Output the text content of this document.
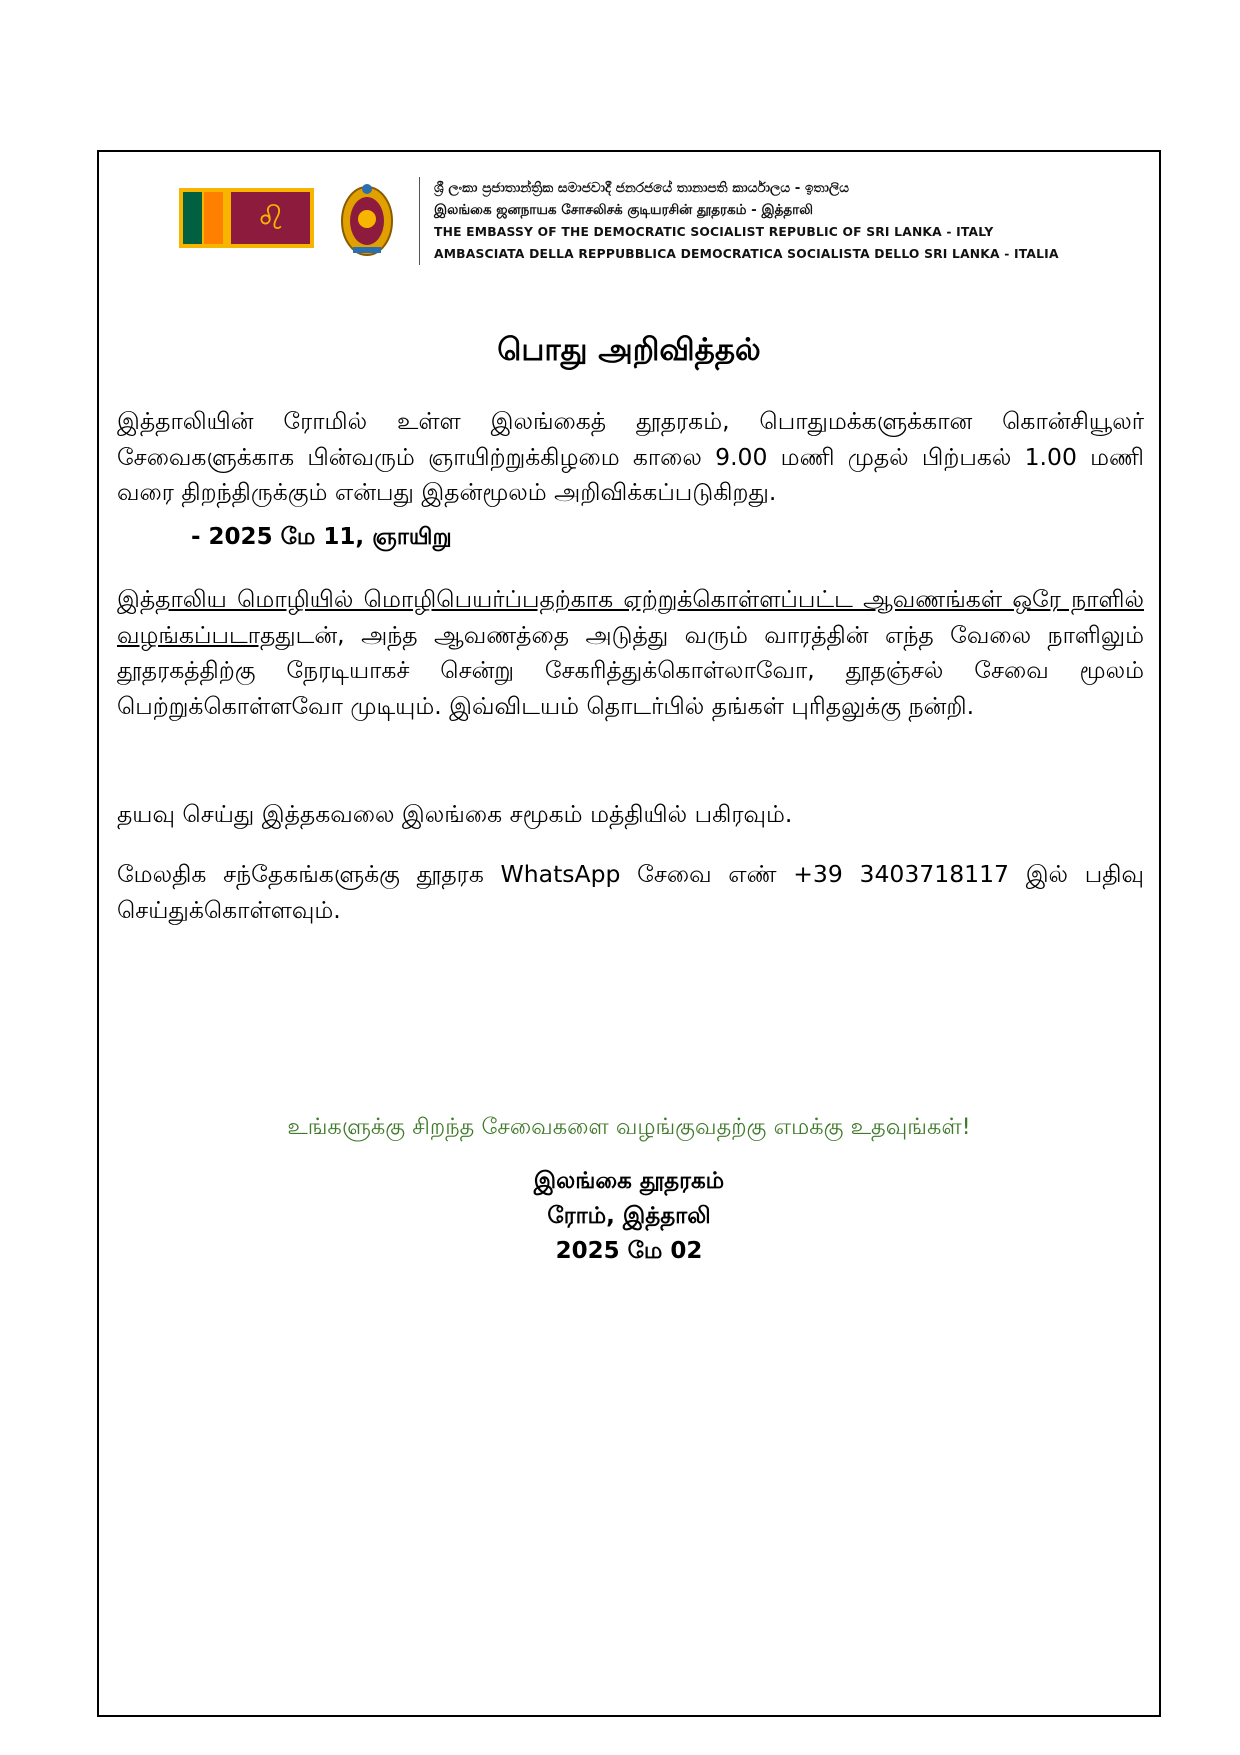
♌
ශ්‍රී ලංකා ප්‍රජාතාන්ත්‍රික සමාජවාදී ජනරජයේ තානාපති කාර්යාලය - ඉතාලිය
இலங்கை ஜனநாயக சோசலிசக் குடியரசின் தூதரகம் - இத்தாலி
THE EMBASSY OF THE DEMOCRATIC SOCIALIST REPUBLIC OF SRI LANKA - ITALY
AMBASCIATA DELLA REPPUBBLICA DEMOCRATICA SOCIALISTA DELLO SRI LANKA - ITALIA
பொது அறிவித்தல்
இத்தாலியின் ரோமில் உள்ள இலங்கைத் தூதரகம், பொதுமக்களுக்கான கொன்சியூலர் சேவைகளுக்காக பின்வரும் ஞாயிற்றுக்கிழமை காலை 9.00 மணி முதல் பிற்பகல் 1.00 மணி வரை திறந்திருக்கும் என்பது இதன்மூலம் அறிவிக்கப்படுகிறது.
- 2025 மே 11, ஞாயிறு
இத்தாலிய மொழியில் மொழிபெயர்ப்பதற்காக ஏற்றுக்கொள்ளப்பட்ட ஆவணங்கள் ஒரே நாளில் வழங்கப்படாததுடன், அந்த ஆவணத்தை அடுத்து வரும் வாரத்தின் எந்த வேலை நாளிலும் தூதரகத்திற்கு நேரடியாகச் சென்று சேகரித்துக்கொள்லாவோ, தூதஞ்சல் சேவை மூலம் பெற்றுக்கொள்ளவோ முடியும். இவ்விடயம் தொடர்பில் தங்கள் புரிதலுக்கு நன்றி.
தயவு செய்து இத்தகவலை இலங்கை சமூகம் மத்தியில் பகிரவும்.
மேலதிக சந்தேகங்களுக்கு தூதரக WhatsApp சேவை எண் +39 3403718117 இல் பதிவு செய்துக்கொள்ளவும்.
உங்களுக்கு சிறந்த சேவைகளை வழங்குவதற்கு எமக்கு உதவுங்கள்!
இலங்கை தூதரகம்
ரோம், இத்தாலி
2025 மே 02
